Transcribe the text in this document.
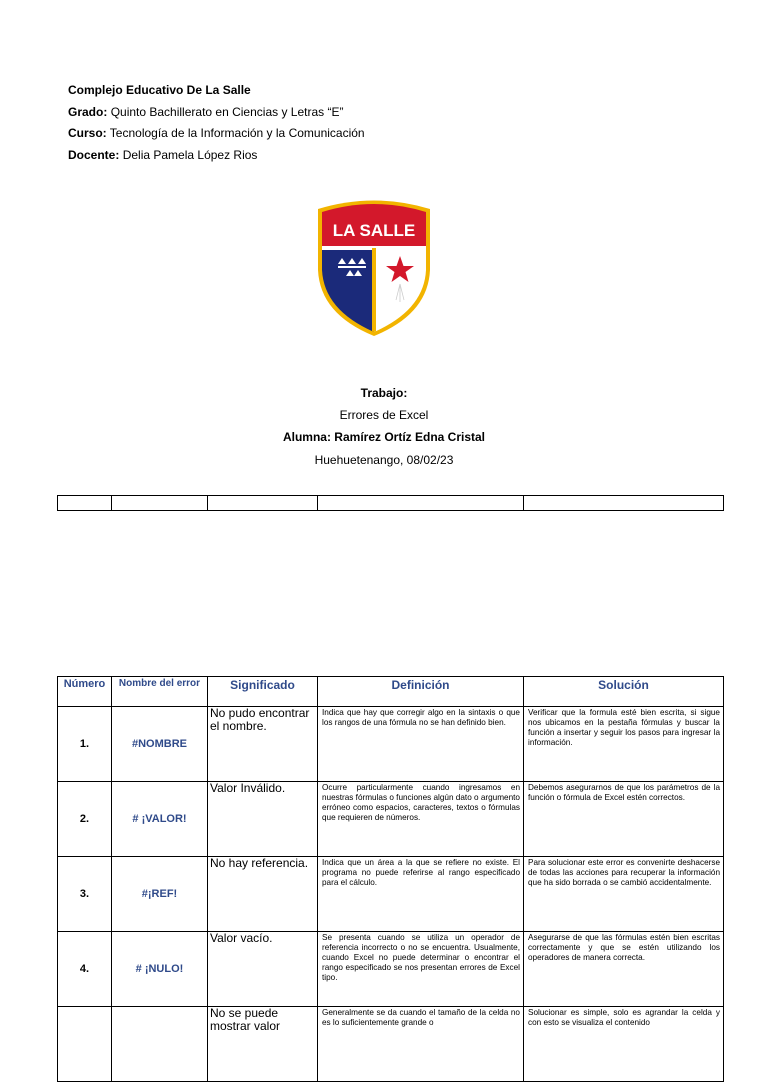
Complejo Educativo De La Salle
Grado: Quinto Bachillerato en Ciencias y Letras “E”
Curso: Tecnología de la Información y la Comunicación
Docente: Delia Pamela López Rios
LA SALLE
Trabajo:
Errores de Excel
Alumna: Ramírez Ortíz Edna Cristal
Huehuetenango, 08/02/23

Número	Nombre del error	Significado	Definición	Solución
1.	#NOMBRE	No pudo encontrar el nombre.	Indica que hay que corregir algo en la sintaxis o que los rangos de una fórmula no se han definido bien.	Verificar que la formula esté bien escrita, si sigue nos ubicamos en la pestaña fórmulas y buscar la función a insertar y seguir los pasos para ingresar la información.
2.	# ¡VALOR!	Valor Inválido.	Ocurre particularmente cuando ingresamos en nuestras fórmulas o funciones algún dato o argumento erróneo como espacios, caracteres, textos o fórmulas que requieren de números.	Debemos asegurarnos de que los parámetros de la función o fórmula de Excel estén correctos.
3.	#¡REF!	No hay referencia.	Indica que un área a la que se refiere no existe. El programa no puede referirse al rango especificado para el cálculo.	Para solucionar este error es convenirte deshacerse de todas las acciones para recuperar la información que ha sido borrada o se cambió accidentalmente.
4.	# ¡NULO!	Valor vacío.	Se presenta cuando se utiliza un operador de referencia incorrecto o no se encuentra. Usualmente, cuando Excel no puede determinar o encontrar el rango especificado se nos presentan errores de Excel tipo.	Asegurarse de que las fórmulas estén bien escritas correctamente y que se estén utilizando los operadores de manera correcta.
		No se puede mostrar valor	Generalmente se da cuando el tamaño de la celda no es lo suficientemente grande o	Solucionar es simple, solo es agrandar la celda y con esto se visualiza el contenido
